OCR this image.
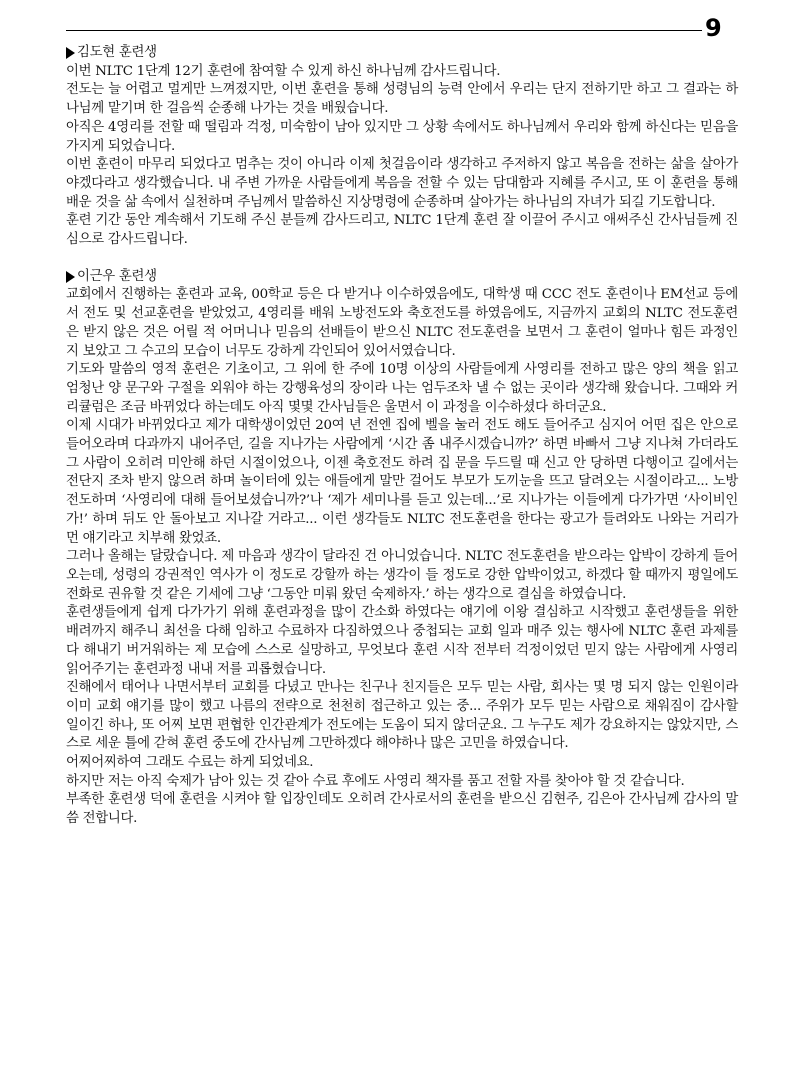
9

김도현 훈련생

이번 NLTC 1단계 12기 훈련에 참여할 수 있게 하신 하나님께 감사드립니다.

전도는 늘 어렵고 멀게만 느껴졌지만, 이번 훈련을 통해 성령님의 능력 안에서 우리는 단지 전하기만 하고 그 결과는 하나님께 맡기며 한 걸음씩 순종해 나가는 것을 배웠습니다.

아직은 4영리를 전할 때 떨림과 걱정, 미숙함이 남아 있지만 그 상황 속에서도 하나님께서 우리와 함께 하신다는 믿음을 가지게 되었습니다.

이번 훈련이 마무리 되었다고 멈추는 것이 아니라 이제 첫걸음이라 생각하고 주저하지 않고 복음을 전하는 삶을 살아가야겠다라고 생각했습니다. 내 주변 가까운 사람들에게 복음을 전할 수 있는 담대함과 지혜를 주시고, 또 이 훈련을 통해 배운 것을 삶 속에서 실천하며 주님께서 말씀하신 지상명령에 순종하며 살아가는 하나님의 자녀가 되길 기도합니다.

훈련 기간 동안 계속해서 기도해 주신 분들께 감사드리고, NLTC 1단계 훈련 잘 이끌어 주시고 애써주신 간사님들께 진심으로 감사드립니다.

이근우 훈련생

교회에서 진행하는 훈련과 교육, 00학교 등은 다 받거나 이수하였음에도, 대학생 때 CCC 전도 훈련이나 EM선교 등에서 전도 및 선교훈련을 받았었고, 4영리를 배워 노방전도와 축호전도를 하였음에도, 지금까지 교회의 NLTC 전도훈련은 받지 않은 것은 어릴 적 어머니나 믿음의 선배들이 받으신 NLTC 전도훈련을 보면서 그 훈련이 얼마나 힘든 과정인지 보았고 그 수고의 모습이 너무도 강하게 각인되어 있어서였습니다.

기도와 말씀의 영적 훈련은 기초이고, 그 위에 한 주에 10명 이상의 사람들에게 사영리를 전하고 많은 양의 책을 읽고 엄청난 양 문구와 구절을 외워야 하는 강행육성의 장이라 나는 엄두조차 낼 수 없는 곳이라 생각해 왔습니다. 그때와 커리큘럼은 조금 바뀌었다 하는데도 아직 몇몇 간사님들은 울면서 이 과정을 이수하셨다 하더군요.

이제 시대가 바뀌었다고 제가 대학생이었던 20여 년 전엔 집에 벨을 눌러 전도 해도 들어주고 심지어 어떤 집은 안으로 들어오라며 다과까지 내어주던, 길을 지나가는 사람에게 ‘시간 좀 내주시겠습니까?’ 하면 바빠서 그냥 지나쳐 가더라도 그 사람이 오히려 미안해 하던 시절이었으나, 이젠 축호전도 하려 집 문을 두드릴 때 신고 안 당하면 다행이고 길에서는 전단지 조차 받지 않으려 하며 놀이터에 있는 애들에게 말만 걸어도 부모가 도끼눈을 뜨고 달려오는 시절이라고... 노방전도하며 ‘사영리에 대해 들어보셨습니까?’나 ‘제가 세미나를 듣고 있는데...’로 지나가는 이들에게 다가가면 ‘사이비인가!’ 하며 뒤도 안 돌아보고 지나갈 거라고... 이런 생각들도 NLTC 전도훈련을 한다는 광고가 들려와도 나와는 거리가 먼 얘기라고 치부해 왔었죠.

그러나 올해는 달랐습니다. 제 마음과 생각이 달라진 건 아니었습니다. NLTC 전도훈련을 받으라는 압박이 강하게 들어오는데, 성령의 강권적인 역사가 이 정도로 강할까 하는 생각이 들 정도로 강한 압박이었고, 하겠다 할 때까지 평일에도 전화로 권유할 것 같은 기세에 그냥 ‘그동안 미뤄 왔던 숙제하자.’ 하는 생각으로 결심을 하였습니다.

훈련생들에게 쉽게 다가가기 위해 훈련과정을 많이 간소화 하였다는 얘기에 이왕 결심하고 시작했고 훈련생들을 위한 배려까지 해주니 최선을 다해 임하고 수료하자 다짐하였으나 중첩되는 교회 일과 매주 있는 행사에 NLTC 훈련 과제를 다 해내기 버거워하는 제 모습에 스스로 실망하고, 무엇보다 훈련 시작 전부터 걱정이었던 믿지 않는 사람에게 사영리 읽어주기는 훈련과정 내내 저를 괴롭혔습니다.

진해에서 태어나 나면서부터 교회를 다녔고 만나는 친구나 친지들은 모두 믿는 사람, 회사는 몇 명 되지 않는 인원이라 이미 교회 얘기를 많이 했고 나름의 전략으로 천천히 접근하고 있는 중... 주위가 모두 믿는 사람으로 채워짐이 감사할 일이긴 하나, 또 어찌 보면 편협한 인간관계가 전도에는 도움이 되지 않더군요. 그 누구도 제가 강요하지는 않았지만, 스스로 세운 틀에 갇혀 훈련 중도에 간사님께 그만하겠다 해야하나 많은 고민을 하였습니다.

어찌어찌하여 그래도 수료는 하게 되었네요.

하지만 저는 아직 숙제가 남아 있는 것 같아 수료 후에도 사영리 책자를 품고 전할 자를 찾아야 할 것 같습니다.

부족한 훈련생 덕에 훈련을 시켜야 할 입장인데도 오히려 간사로서의 훈련을 받으신 김현주, 김은아 간사님께 감사의 말씀 전합니다.
